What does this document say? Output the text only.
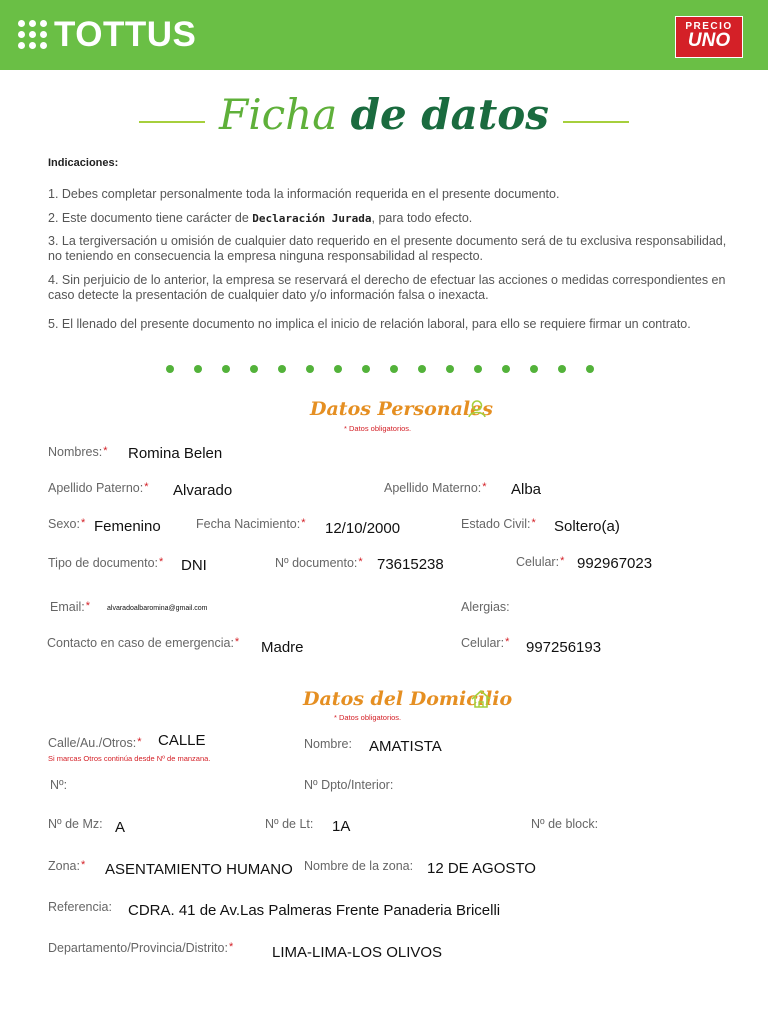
TOTTUS	PRECIO
UNO
Ficha de datos
Indicaciones:
1. Debes completar personalmente toda la información requerida en el presente documento.
2. Este documento tiene carácter de Declaración Jurada, para todo efecto.
3. La tergiversación u omisión de cualquier dato requerido en el presente documento será de tu exclusiva responsabilidad, no teniendo en consecuencia la empresa ninguna responsabilidad al respecto.
4. Sin perjuicio de lo anterior, la empresa se reservará el derecho de efectuar las acciones o medidas correspondientes en caso detecte la presentación de cualquier dato y/o información falsa o inexacta.
5. El llenado del presente documento no implica el inicio de relación laboral, para ello se requiere firmar un contrato.
Datos Personales
* Datos obligatorios.
Nombres:* Romina Belen
Apellido Paterno:* Alvarado	Apellido Materno:* Alba
Sexo:* Femenino	Fecha Nacimiento:* 12/10/2000	Estado Civil:* Soltero(a)
Tipo de documento:* DNI	Nº documento:* 73615238	Celular:* 992967023
Email:* alvaradoalbaromina@gmail.com	Alergias:
Contacto en caso de emergencia:* Madre	Celular:* 997256193
Datos del Domicilio
* Datos obligatorios.
Calle/Au./Otros:* CALLE
Si marcas Otros continúa desde Nº de manzana.
Nombre: AMATISTA
Nº:	Nº Dpto/Interior:
Nº de Mz: A	Nº de Lt: 1A	Nº de block:
Zona:* ASENTAMIENTO HUMANO Nombre de la zona: 12 DE AGOSTO
Referencia: CDRA. 41 de Av.Las Palmeras Frente Panaderia Bricelli
Departamento/Provincia/Distrito:*	LIMA-LIMA-LOS OLIVOS
